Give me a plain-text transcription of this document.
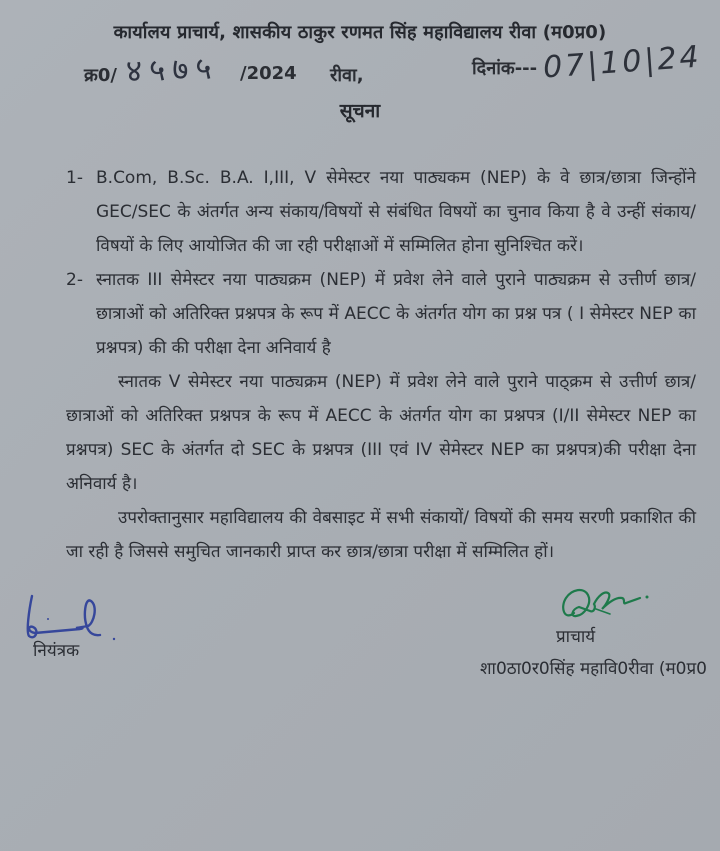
कार्यालय प्राचार्य, शासकीय ठाकुर रणमत सिंह महाविद्यालय रीवा (म0प्र0)
क्र0/ ४५७५ /2024 रीवा,	दिनांक--- 07|10|24
सूचना
1- B.Com, B.Sc. B.A. I,III, V सेमेस्टर नया पाठ्यकम (NEP) के वे छात्र/छात्रा जिन्होंने GEC/SEC के अंतर्गत अन्य संकाय/विषयों से संबंधित विषयों का चुनाव किया है वे उन्हीं संकाय/ विषयों के लिए आयोजित की जा रही परीक्षाओं में सम्मिलित होना सुनिश्चित करें।
2- स्नातक III सेमेस्टर नया पाठ्यक्रम (NEP) में प्रवेश लेने वाले पुराने पाठ्यक्रम से उत्तीर्ण छात्र/छात्राओं को अतिरिक्त प्रश्नपत्र के रूप में AECC के अंतर्गत योग का प्रश्न पत्र ( I सेमेस्टर NEP का प्रश्नपत्र) की की परीक्षा देना अनिवार्य है

स्नातक V सेमेस्टर नया पाठ्यक्रम (NEP) में प्रवेश लेने वाले पुराने पाठ्क्रम से उत्तीर्ण छात्र/छात्राओं को अतिरिक्त प्रश्नपत्र के रूप में AECC के अंतर्गत योग का प्रश्नपत्र (I/II सेमेस्टर NEP का प्रश्नपत्र) SEC के अंतर्गत दो SEC के प्रश्नपत्र (III एवं IV सेमेस्टर NEP का प्रश्नपत्र)की परीक्षा देना अनिवार्य है।

उपरोक्तानुसार महाविद्यालय की वेबसाइट में सभी संकायों/ विषयों की समय सरणी प्रकाशित की जा रही है जिससे समुचित जानकारी प्राप्त कर छात्र/छात्रा परीक्षा में सम्मिलित हों।

नियंत्रक
प्राचार्य
शा0ठा0र0सिंह महावि0रीवा (म0प्र0
